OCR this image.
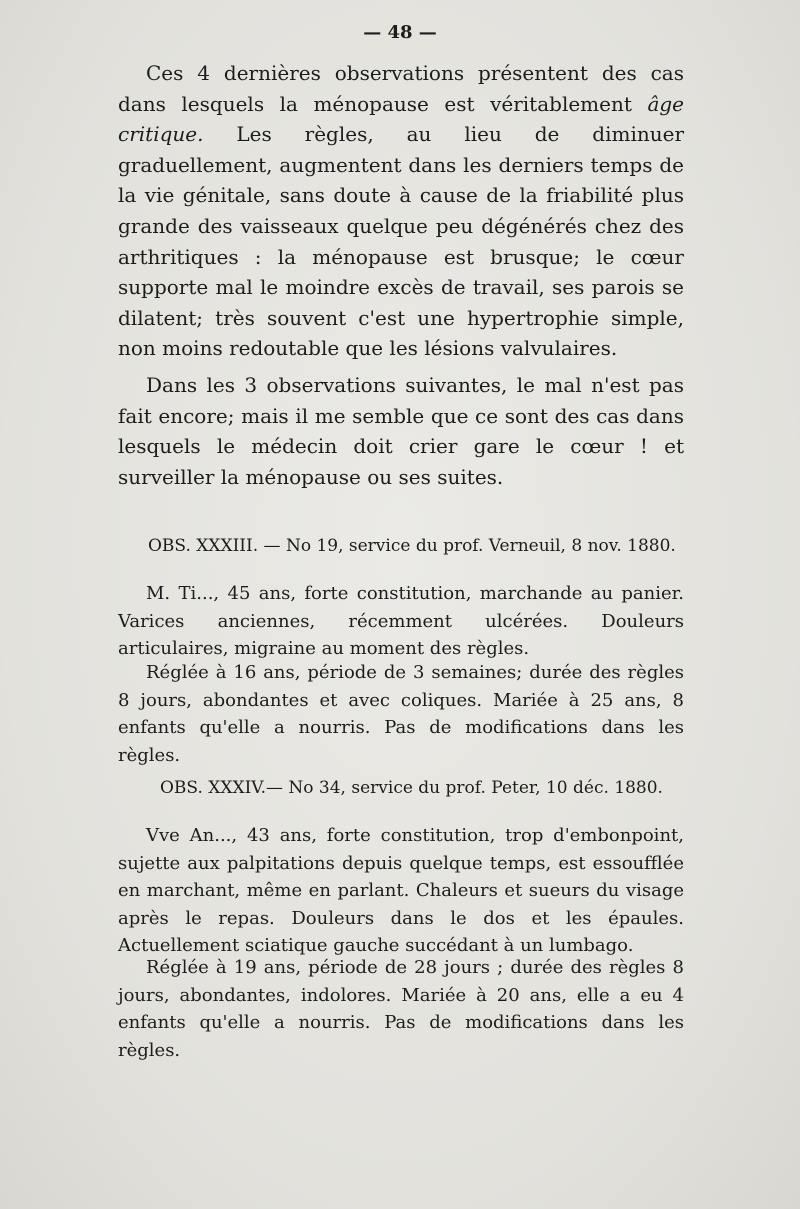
— 48 —

Ces 4 dernières observations présentent des cas dans lesquels la ménopause est véritablement âge critique. Les règles, au lieu de diminuer graduellement, augmentent dans les derniers temps de la vie génitale, sans doute à cause de la friabilité plus grande des vaisseaux quelque peu dégénérés chez des arthritiques : la ménopause est brusque; le cœur supporte mal le moindre excès de travail, ses parois se dilatent; très souvent c'est une hypertrophie simple, non moins redoutable que les lésions valvulaires.

Dans les 3 observations suivantes, le mal n'est pas fait encore; mais il me semble que ce sont des cas dans lesquels le médecin doit crier gare le cœur ! et surveiller la ménopause ou ses suites.

OBS. XXXIII. — No 19, service du prof. Verneuil, 8 nov. 1880.

M. Ti..., 45 ans, forte constitution, marchande au panier. Varices anciennes, récemment ulcérées. Douleurs articulaires, migraine au moment des règles.

Réglée à 16 ans, période de 3 semaines; durée des règles 8 jours, abondantes et avec coliques. Mariée à 25 ans, 8 enfants qu'elle a nourris. Pas de modifications dans les règles.

OBS. XXXIV.— No 34, service du prof. Peter, 10 déc. 1880.

Vve An..., 43 ans, forte constitution, trop d'embonpoint, sujette aux palpitations depuis quelque temps, est essoufflée en marchant, même en parlant. Chaleurs et sueurs du visage après le repas. Douleurs dans le dos et les épaules. Actuellement sciatique gauche succédant à un lumbago.

Réglée à 19 ans, période de 28 jours ; durée des règles 8 jours, abondantes, indolores. Mariée à 20 ans, elle a eu 4 enfants qu'elle a nourris. Pas de modifications dans les règles.
